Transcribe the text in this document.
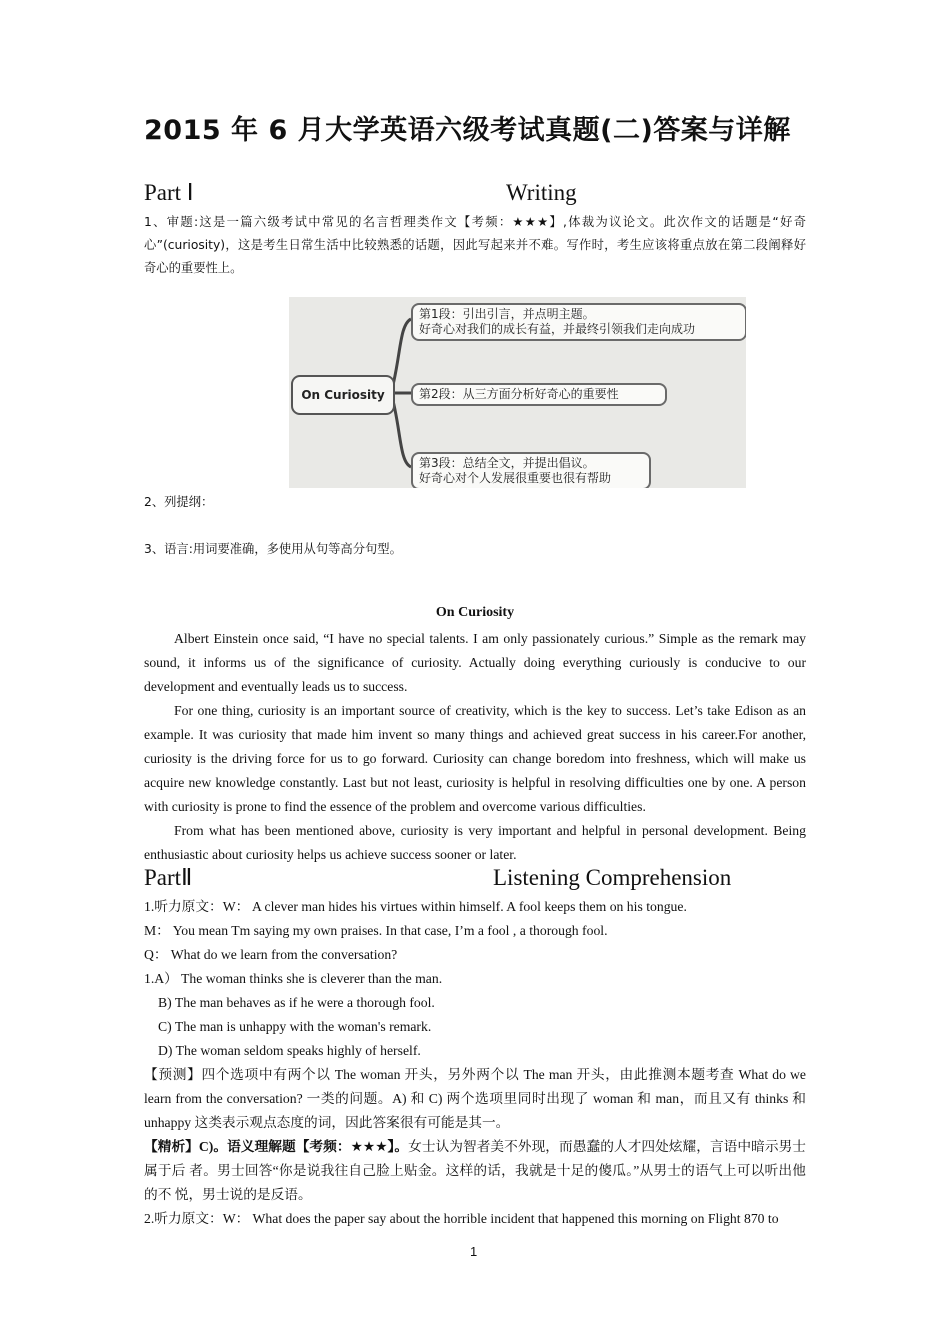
2015 年 6 月大学英语六级考试真题(二)答案与详解
Part Ⅰ	Writing
1、审题:这是一篇六级考试中常见的名言哲理类作文【考频：★★★】,体裁为议论文。此次作文的话题是“好奇心”(curiosity)，这是考生日常生活中比较熟悉的话题，因此写起来并不难。写作时，考生应该将重点放在第二段阐释好 奇心的重要性上。
On Curiosity
第1段：引出引言，并点明主题。
好奇心对我们的成长有益，并最终引领我们走向成功
第2段：从三方面分析好奇心的重要性
第3段：总结全文，并提出倡议。
好奇心对个人发展很重要也很有帮助
2、列提纲：
3、语言:用词要准确，多使用从句等高分句型。
On Curiosity
Albert Einstein once said, “I have no special talents. I am only passionately curious.” Simple as the remark may sound, it informs us of the significance of curiosity. Actually doing everything curiously is conducive to our development and eventually leads us to success.
For one thing, curiosity is an important source of creativity, which is the key to success. Let’s take Edison as an example. It was curiosity that made him invent so many things and achieved great success in his career.For another, curiosity is the driving force for us to go forward. Curiosity can change boredom into freshness, which will make us acquire new knowledge constantly. Last but not least, curiosity is helpful in resolving difficulties one by one. A person with curiosity is prone to find the essence of the problem and overcome various difficulties.
From what has been mentioned above, curiosity is very important and helpful in personal development. Being enthusiastic about curiosity helps us achieve success sooner or later.
PartⅡ	Listening Comprehension
1.听力原文：W： A clever man hides his virtues within himself. A fool keeps them on his tongue.
M： You mean Tm saying my own praises. In that case, I’m a fool , a thorough fool.
Q： What do we learn from the conversation?
1.A） The woman thinks she is cleverer than the man.
B) The man behaves as if he were a thorough fool.
C) The man is unhappy with the woman's remark.
D) The woman seldom speaks highly of herself.
【预测】四个选项中有两个以 The woman 开头，另外两个以 The man 开头，由此推测本题考查 What do we learn from the conversation? 一类的问题。A) 和 C) 两个选项里同时出现了 woman 和 man，而且又有 thinks 和 unhappy 这类表示观点态度的词，因此答案很有可能是其一。
【精析】C)。语义理解题【考频：★★★】。女士认为智者美不外现，而愚蠢的人才四处炫耀，言语中暗示男士属于后 者。男士回答“你是说我往自己脸上贴金。这样的话，我就是十足的傻瓜。”从男士的语气上可以听出他的不 悦，男士说的是反语。
2.听力原文：W： What does the paper say about the horrible incident that happened this morning on Flight 870 to
1
